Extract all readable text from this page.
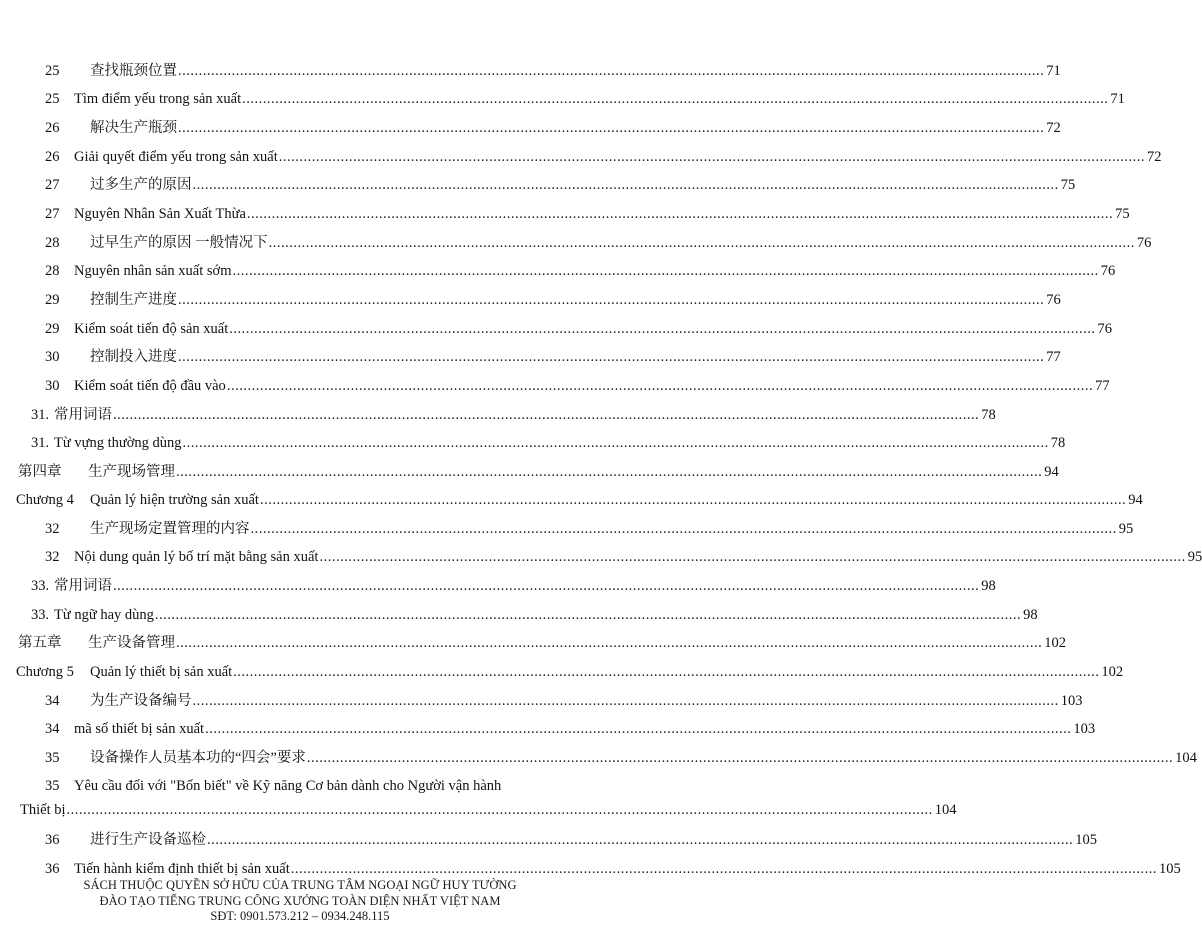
25 查找瓶颈位置 .................................................................................................................................................................................................................. 71
25 Tìm điểm yếu trong sản xuất .................................................................................................................................................................................................................. 71
26 解决生产瓶颈 .................................................................................................................................................................................................................. 72
26 Giải quyết điểm yếu trong sản xuất .................................................................................................................................................................................................................. 72
27 过多生产的原因 .................................................................................................................................................................................................................. 75
27 Nguyên Nhân Sản Xuất Thừa .................................................................................................................................................................................................................. 75
28 过早生产的原因 一般情况下 .................................................................................................................................................................................................................. 76
28 Nguyên nhân sản xuất sớm .................................................................................................................................................................................................................. 76
29 控制生产进度 .................................................................................................................................................................................................................. 76
29 Kiểm soát tiến độ sản xuất .................................................................................................................................................................................................................. 76
30 控制投入进度 .................................................................................................................................................................................................................. 77
30 Kiểm soát tiến độ đầu vào .................................................................................................................................................................................................................. 77
31. 常用词语 .................................................................................................................................................................................................................. 78
31. Từ vựng thường dùng .................................................................................................................................................................................................................. 78
第四章 生产现场管理 .................................................................................................................................................................................................................. 94
Chương 4 Quản lý hiện trường sản xuất .................................................................................................................................................................................................................. 94
32 生产现场定置管理的内容 .................................................................................................................................................................................................................. 95
32 Nội dung quản lý bố trí mặt bằng sản xuất .................................................................................................................................................................................................................. 95
33. 常用词语 .................................................................................................................................................................................................................. 98
33. Từ ngữ hay dùng .................................................................................................................................................................................................................. 98
第五章 生产设备管理 .................................................................................................................................................................................................................. 102
Chương 5 Quản lý thiết bị sản xuất .................................................................................................................................................................................................................. 102
34 为生产设备编号 .................................................................................................................................................................................................................. 103
34 mã số thiết bị sản xuất .................................................................................................................................................................................................................. 103
35 设备操作人员基本功的“四会”要求 .................................................................................................................................................................................................................. 104
35 Yêu cầu đối với "Bốn biết" về Kỹ năng Cơ bản dành cho Người vận hành
Thiết bị .................................................................................................................................................................................................................. 104
36 进行生产设备巡检 .................................................................................................................................................................................................................. 105
36 Tiến hành kiểm định thiết bị sản xuất .................................................................................................................................................................................................................. 105
SÁCH THUỘC QUYỀN SỞ HỮU CỦA TRUNG TÂM NGOẠI NGỮ HUY TƯỜNG
ĐÀO TẠO TIẾNG TRUNG CÔNG XƯỞNG TOÀN DIỆN NHẤT VIỆT NAM
SĐT: 0901.573.212 – 0934.248.115
